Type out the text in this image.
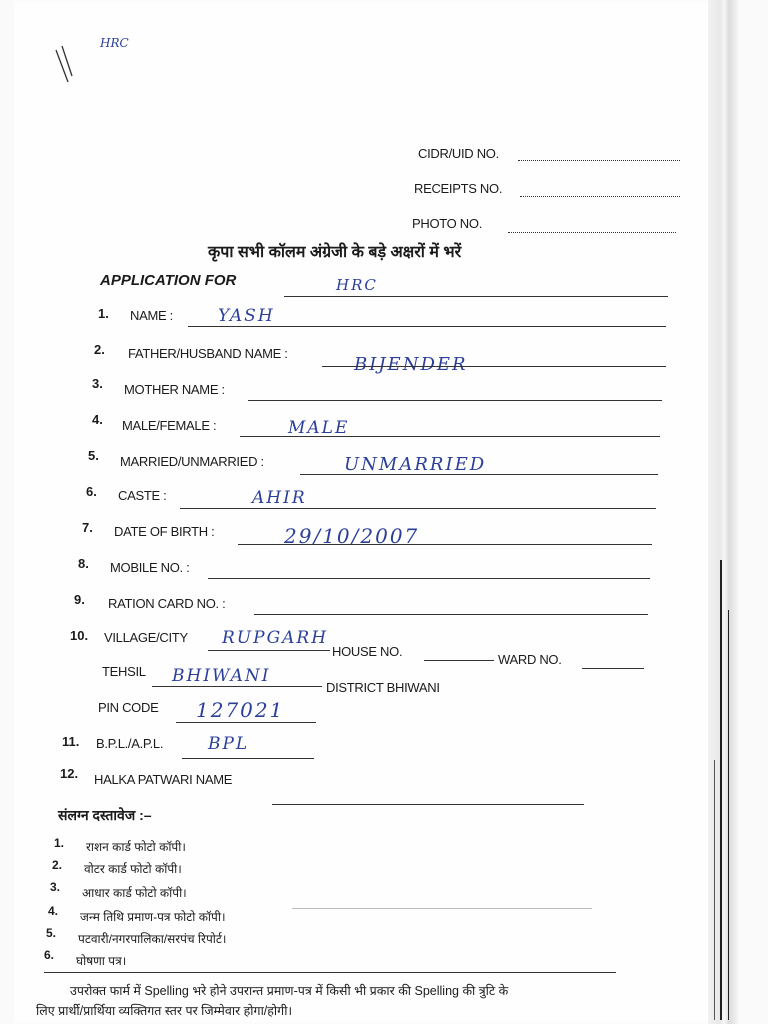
HRC
CIDR/UID NO.
RECEIPTS NO.
PHOTO NO.
कृपा सभी कॉलम अंग्रेजी के बड़े अक्षरों में भरें
APPLICATION FOR	HRC
1. NAME :	YASH
2. FATHER/HUSBAND NAME :
BIJENDER
3. MOTHER NAME :
4. MALE/FEMALE :	MALE
5. MARRIED/UNMARRIED :	UNMARRIED
6. CASTE :	AHIR
7. DATE OF BIRTH :	29/10/2007
8. MOBILE NO. :
9. RATION CARD NO. :
10. VILLAGE/CITY RUPGARH
HOUSE NO.
WARD NO.
TEHSIL BHIWANI
DISTRICT BHIWANI
PIN CODE 127021
11. B.P.L./A.P.L.	BPL
12. HALKA PATWARI NAME
संलग्न दस्तावेज :–
1. राशन कार्ड फोटो कॉपी।
2. वोटर कार्ड फोटो कॉपी।
3. आधार कार्ड फोटो कॉपी।
4. जन्म तिथि प्रमाण-पत्र फोटो कॉपी।
5. पटवारी/नगरपालिका/सरपंच रिपोर्ट।
6. घोषणा पत्र।
उपरोक्त फार्म में Spelling भरे होने उपरान्त प्रमाण-पत्र में किसी भी प्रकार की Spelling की त्रुटि के
लिए प्रार्थी/प्रार्थिया व्यक्तिगत स्तर पर जिम्मेवार होगा/होगी।
